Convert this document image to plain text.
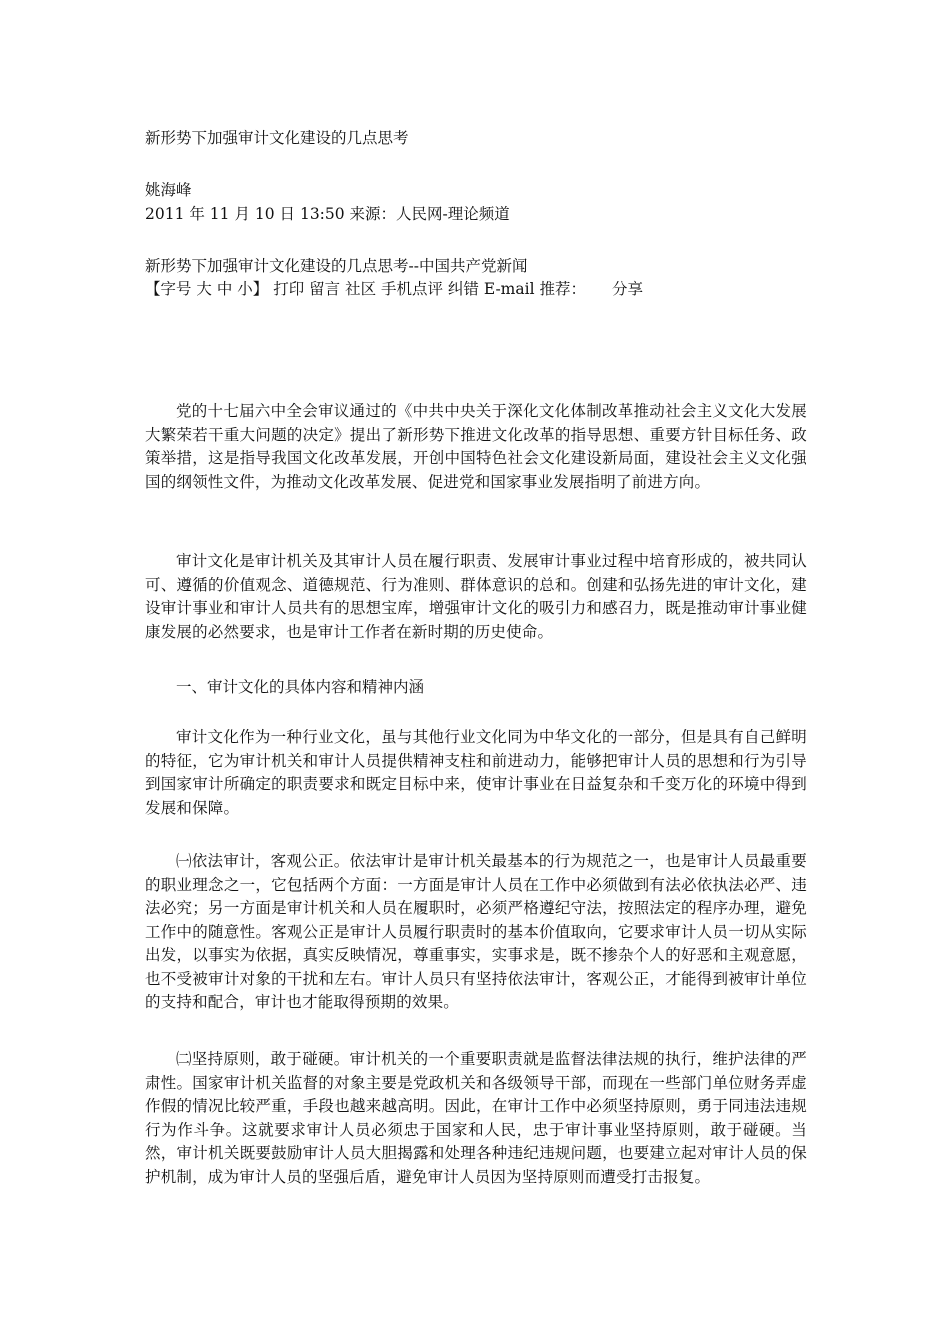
新形势下加强审计文化建设的几点思考
姚海峰
2011 年 11 月 10 日 13:50 来源：人民网-理论频道
新形势下加强审计文化建设的几点思考--中国共产党新闻
【字号 大 中 小】 打印 留言 社区 手机点评 纠错 E-mail 推荐： 分享
党的十七届六中全会审议通过的《中共中央关于深化文化体制改革推动社会主义文化大发展大繁荣若干重大问题的决定》提出了新形势下推进文化改革的指导思想、重要方针目标任务、政策举措，这是指导我国文化改革发展，开创中国特色社会文化建设新局面，建设社会主义文化强国的纲领性文件，为推动文化改革发展、促进党和国家事业发展指明了前进方向。
审计文化是审计机关及其审计人员在履行职责、发展审计事业过程中培育形成的，被共同认可、遵循的价值观念、道德规范、行为准则、群体意识的总和。创建和弘扬先进的审计文化，建设审计事业和审计人员共有的思想宝库，增强审计文化的吸引力和感召力，既是推动审计事业健康发展的必然要求，也是审计工作者在新时期的历史使命。
一、审计文化的具体内容和精神内涵
审计文化作为一种行业文化，虽与其他行业文化同为中华文化的一部分，但是具有自己鲜明的特征，它为审计机关和审计人员提供精神支柱和前进动力，能够把审计人员的思想和行为引导到国家审计所确定的职责要求和既定目标中来，使审计事业在日益复杂和千变万化的环境中得到发展和保障。
㈠依法审计，客观公正。依法审计是审计机关最基本的行为规范之一，也是审计人员最重要的职业理念之一，它包括两个方面：一方面是审计人员在工作中必须做到有法必依执法必严、违法必究；另一方面是审计机关和人员在履职时，必须严格遵纪守法，按照法定的程序办理，避免工作中的随意性。客观公正是审计人员履行职责时的基本价值取向，它要求审计人员一切从实际出发，以事实为依据，真实反映情况，尊重事实，实事求是，既不掺杂个人的好恶和主观意愿，也不受被审计对象的干扰和左右。审计人员只有坚持依法审计，客观公正，才能得到被审计单位的支持和配合，审计也才能取得预期的效果。
㈡坚持原则，敢于碰硬。审计机关的一个重要职责就是监督法律法规的执行，维护法律的严肃性。国家审计机关监督的对象主要是党政机关和各级领导干部，而现在一些部门单位财务弄虚作假的情况比较严重，手段也越来越高明。因此，在审计工作中必须坚持原则，勇于同违法违规行为作斗争。这就要求审计人员必须忠于国家和人民，忠于审计事业坚持原则，敢于碰硬。当然，审计机关既要鼓励审计人员大胆揭露和处理各种违纪违规问题，也要建立起对审计人员的保护机制，成为审计人员的坚强后盾，避免审计人员因为坚持原则而遭受打击报复。
